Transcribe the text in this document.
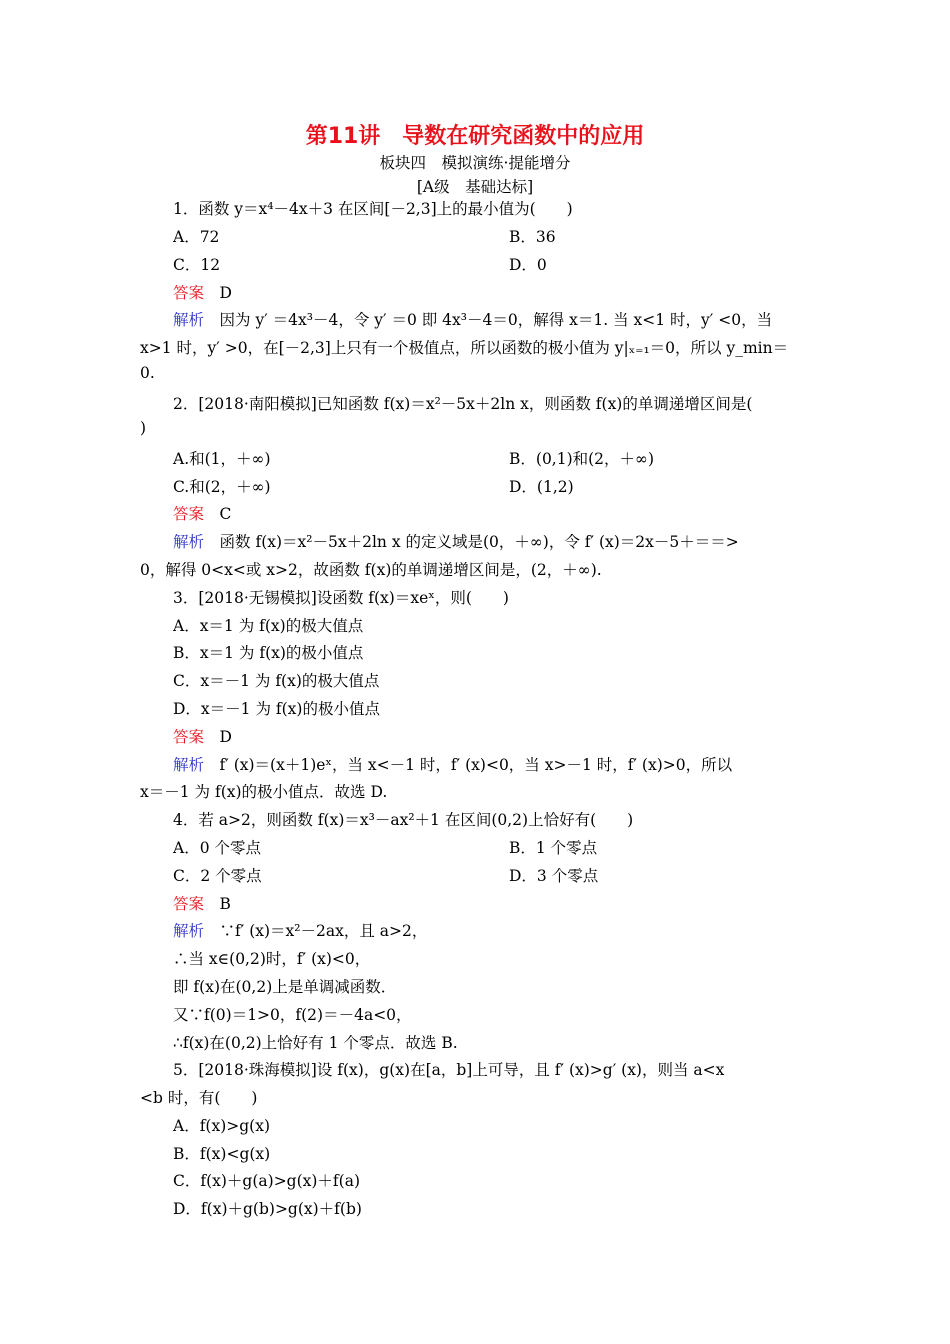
第11讲　导数在研究函数中的应用
板块四　模拟演练·提能增分
[A级　基础达标]
1．函数 y＝x⁴－4x＋3 在区间[－2,3]上的最小值为(　　)
A．72	B．36
C．12	D．0
答案　 D
解析　 因为 y′ ＝4x³－4，令 y′ ＝0 即 4x³－4＝0，解得 x＝1. 当 x<1 时，y′ <0，当
x>1 时，y′ >0，在[－2,3]上只有一个极值点，所以函数的极小值为 y|ₓ₌₁＝0，所以 y_min＝
0.
2．[2018·南阳模拟]已知函数 f(x)＝x²－5x＋2ln x，则函数 f(x)的单调递增区间是(
)
A.和(1，＋∞)	B．(0,1)和(2，＋∞)
C.和(2，＋∞)	D．(1,2)
答案　 C
解析　 函数 f(x)＝x²－5x＋2ln x 的定义域是(0，＋∞)，令 f′ (x)＝2x－5＋＝＝>
0，解得 0<x<或 x>2，故函数 f(x)的单调递增区间是，(2，＋∞).
3．[2018·无锡模拟]设函数 f(x)＝xeˣ，则(　　)
A．x＝1 为 f(x)的极大值点
B．x＝1 为 f(x)的极小值点
C．x＝－1 为 f(x)的极大值点
D．x＝－1 为 f(x)的极小值点
答案　 D
解析　 f′ (x)＝(x＋1)eˣ，当 x<－1 时，f′ (x)<0，当 x>－1 时，f′ (x)>0，所以
x＝－1 为 f(x)的极小值点．故选 D.
4．若 a>2，则函数 f(x)＝x³－ax²＋1 在区间(0,2)上恰好有(　　)
A．0 个零点	B．1 个零点
C．2 个零点	D．3 个零点
答案　 B
解析　 ∵f′ (x)＝x²－2ax，且 a>2，
∴当 x∈(0,2)时，f′ (x)<0，
即 f(x)在(0,2)上是单调减函数．
又∵f(0)＝1>0，f(2)＝－4a<0，
∴f(x)在(0,2)上恰好有 1 个零点．故选 B.
5．[2018·珠海模拟]设 f(x)，g(x)在[a，b]上可导，且 f′ (x)>g′ (x)，则当 a<x
<b 时，有(　　)
A．f(x)>g(x)
B．f(x)<g(x)
C．f(x)＋g(a)>g(x)＋f(a)
D．f(x)＋g(b)>g(x)＋f(b)
